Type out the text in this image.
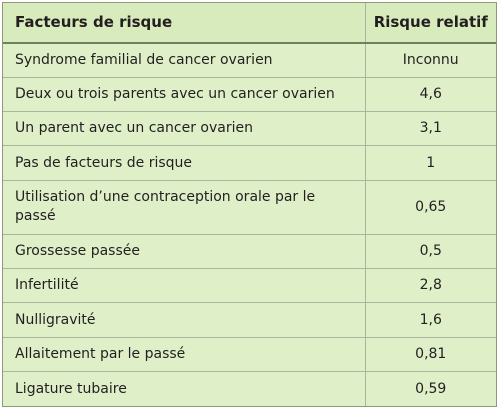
Facteurs de risque	Risque relatif
Syndrome familial de cancer ovarien	Inconnu
Deux ou trois parents avec un cancer ovarien	4,6
Un parent avec un cancer ovarien	3,1
Pas de facteurs de risque	1
Utilisation d’une contraception orale par le passé	0,65
Grossesse passée	0,5
Infertilité	2,8
Nulligravité	1,6
Allaitement par le passé	0,81
Ligature tubaire	0,59
